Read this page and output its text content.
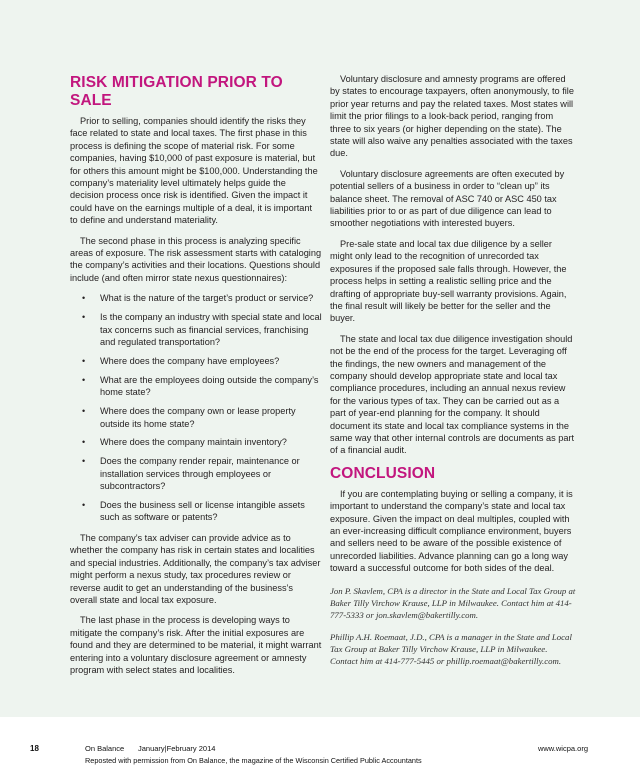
RISK MITIGATION PRIOR TO SALE

Prior to selling, companies should identify the risks they face related to state and local taxes. The first phase in this process is defining the scope of material risk. For some companies, having $10,000 of past exposure is material, but for others this amount might be $100,000. Understanding the company’s materiality level ultimately helps guide the decision process once risk is identified. Given the impact it could have on the earnings multiple of a deal, it is important to define and understand materiality.

The second phase in this process is analyzing specific areas of exposure. The risk assessment starts with cataloging the company’s activities and their locations. Questions should include (and often mirror state nexus questionnaires):

• What is the nature of the target’s product or service?
• Is the company an industry with special state and local tax concerns such as financial services, franchising and regulated transportation?
• Where does the company have employees?
• What are the employees doing outside the company’s home state?
• Where does the company own or lease property outside its home state?
• Where does the company maintain inventory?
• Does the company render repair, maintenance or installation services through employees or subcontractors?
• Does the business sell or license intangible assets such as software or patents?

The company’s tax adviser can provide advice as to whether the company has risk in certain states and localities and special industries. Additionally, the company’s tax adviser might perform a nexus study, tax procedures review or reverse audit to get an understanding of the business’s overall state and local tax exposure.

The last phase in the process is developing ways to mitigate the company’s risk. After the initial exposures are found and they are determined to be material, it might warrant entering into a voluntary disclosure agreement or amnesty program with select states and localities.

Voluntary disclosure and amnesty programs are offered by states to encourage taxpayers, often anonymously, to file prior year returns and pay the related taxes. Most states will limit the prior filings to a look-back period, ranging from three to six years (or higher depending on the state). The state will also waive any penalties associated with the taxes due.

Voluntary disclosure agreements are often executed by potential sellers of a business in order to “clean up” its balance sheet. The removal of ASC 740 or ASC 450 tax liabilities prior to or as part of due diligence can lead to smoother negotiations with interested buyers.

Pre-sale state and local tax due diligence by a seller might only lead to the recognition of unrecorded tax exposures if the proposed sale falls through. However, the process helps in setting a realistic selling price and the drafting of appropriate buy-sell warranty provisions. Again, the final result will likely be better for the seller and the buyer.

The state and local tax due diligence investigation should not be the end of the process for the target. Leveraging off the findings, the new owners and management of the company should develop appropriate state and local tax compliance procedures, including an annual nexus review for the various types of tax. They can be carried out as a part of year-end planning for the company. It should document its state and local tax compliance systems in the same way that other internal controls are documents as part of a financial audit.

CONCLUSION

If you are contemplating buying or selling a company, it is important to understand the company’s state and local tax exposure. Given the impact on deal multiples, coupled with an ever-increasing difficult compliance environment, buyers and sellers need to be aware of the possible existence of unrecorded liabilities. Advance planning can go a long way toward a successful outcome for both sides of the deal.

Jon P. Skavlem, CPA is a director in the State and Local Tax Group at Baker Tilly Virchow Krause, LLP in Milwaukee. Contact him at 414-777-5333 or jon.skavlem@bakertilly.com.

Phillip A.H. Roemaat, J.D., CPA is a manager in the State and Local Tax Group at Baker Tilly Virchow Krause, LLP in Milwaukee. Contact him at 414-777-5445 or phillip.roemaat@bakertilly.com.

18	On Balance January|February 2014	www.wicpa.org
Reposted with permission from On Balance, the magazine of the Wisconsin Certified Public Accountants
